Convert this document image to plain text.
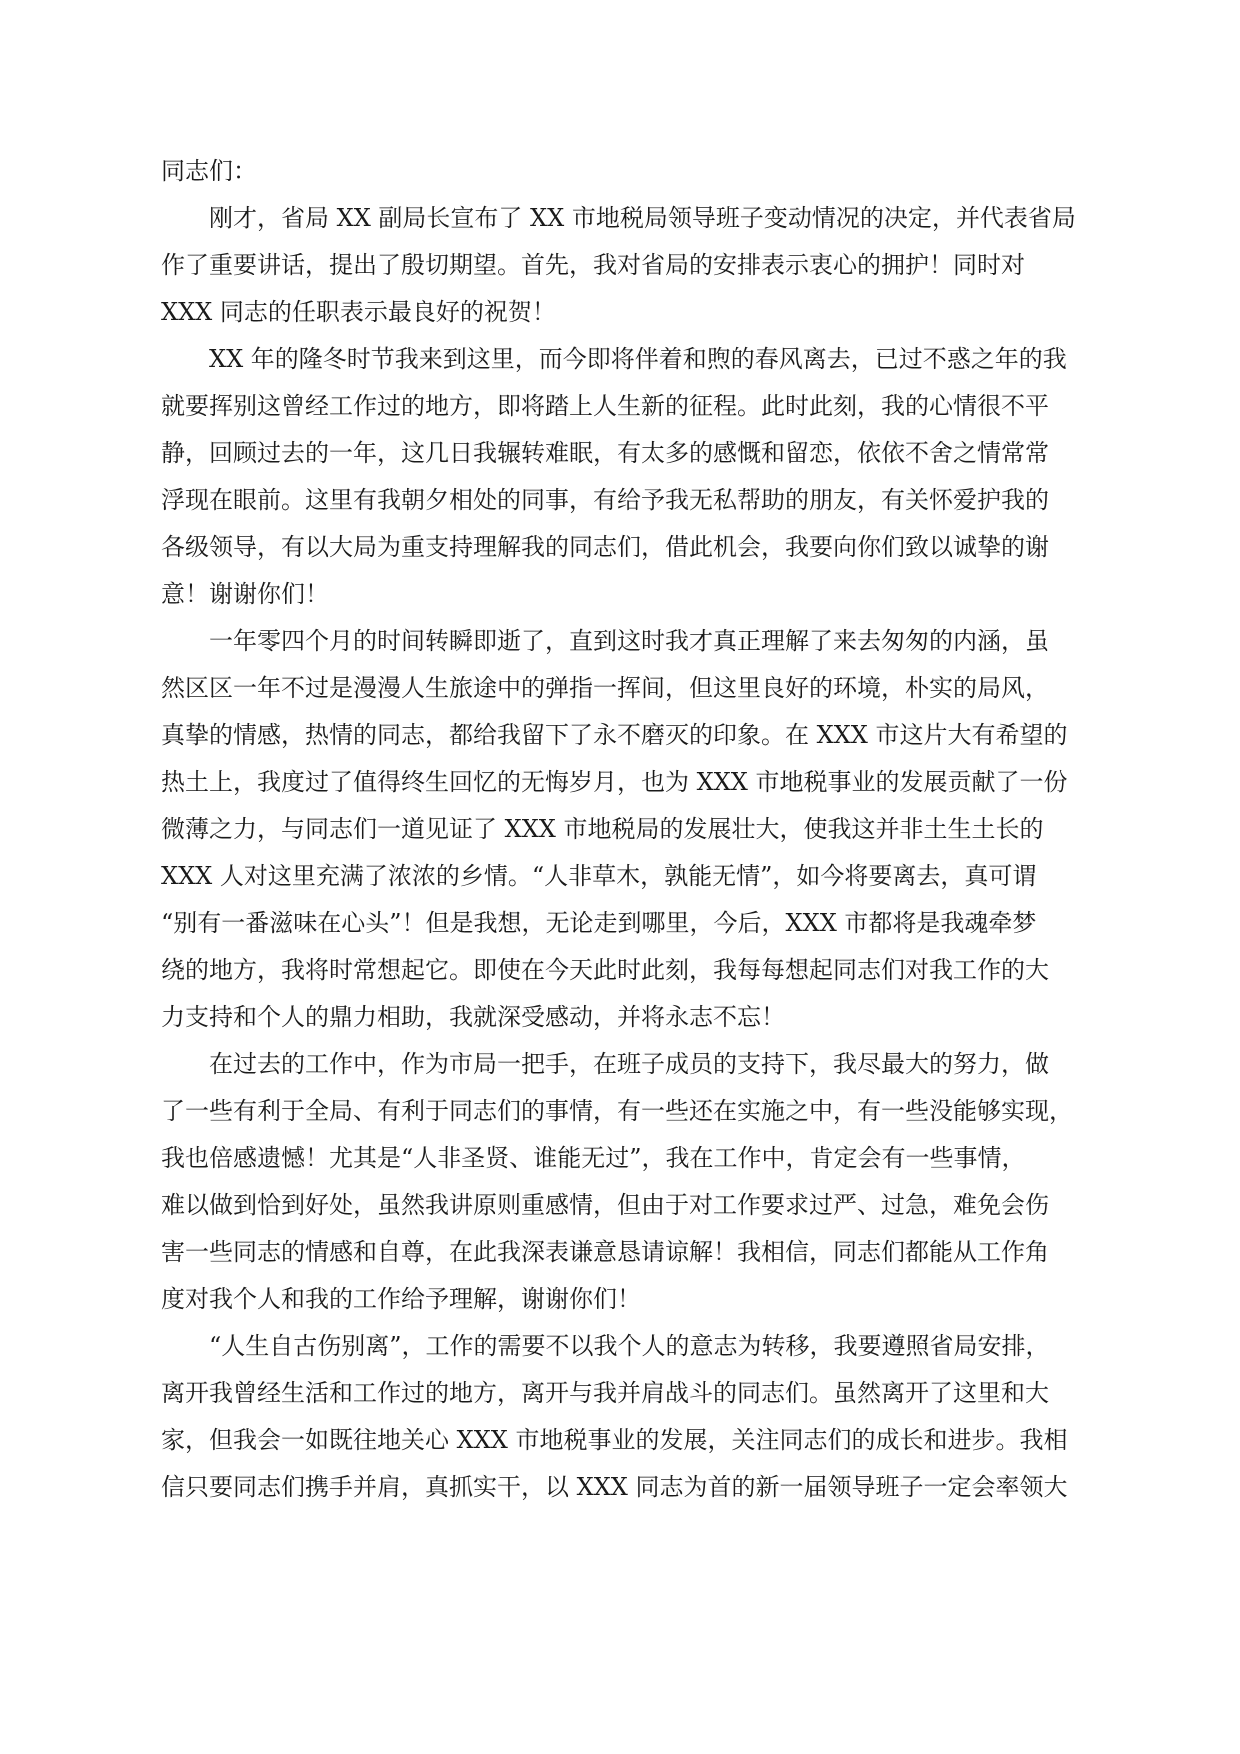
同志们：
刚才，省局 XX 副局长宣布了 XX 市地税局领导班子变动情况的决定，并代表省局
作了重要讲话，提出了殷切期望。首先，我对省局的安排表示衷心的拥护！同时对
XXX 同志的任职表示最良好的祝贺！
XX 年的隆冬时节我来到这里，而今即将伴着和煦的春风离去，已过不惑之年的我
就要挥别这曾经工作过的地方，即将踏上人生新的征程。此时此刻，我的心情很不平
静，回顾过去的一年，这几日我辗转难眠，有太多的感慨和留恋，依依不舍之情常常
浮现在眼前。这里有我朝夕相处的同事，有给予我无私帮助的朋友，有关怀爱护我的
各级领导，有以大局为重支持理解我的同志们，借此机会，我要向你们致以诚挚的谢
意！谢谢你们！
一年零四个月的时间转瞬即逝了，直到这时我才真正理解了来去匆匆的内涵，虽
然区区一年不过是漫漫人生旅途中的弹指一挥间，但这里良好的环境，朴实的局风，
真挚的情感，热情的同志，都给我留下了永不磨灭的印象。在 XXX 市这片大有希望的
热土上，我度过了值得终生回忆的无悔岁月，也为 XXX 市地税事业的发展贡献了一份
微薄之力，与同志们一道见证了 XXX 市地税局的发展壮大，使我这并非土生土长的
XXX 人对这里充满了浓浓的乡情。“人非草木，孰能无情”，如今将要离去，真可谓
“别有一番滋味在心头”！但是我想，无论走到哪里，今后，XXX 市都将是我魂牵梦
绕的地方，我将时常想起它。即使在今天此时此刻，我每每想起同志们对我工作的大
力支持和个人的鼎力相助，我就深受感动，并将永志不忘！
在过去的工作中，作为市局一把手，在班子成员的支持下，我尽最大的努力，做
了一些有利于全局、有利于同志们的事情，有一些还在实施之中，有一些没能够实现，
我也倍感遗憾！尤其是“人非圣贤、谁能无过”，我在工作中，肯定会有一些事情，
难以做到恰到好处，虽然我讲原则重感情，但由于对工作要求过严、过急，难免会伤
害一些同志的情感和自尊，在此我深表谦意恳请谅解！我相信，同志们都能从工作角
度对我个人和我的工作给予理解，谢谢你们！
“人生自古伤别离”，工作的需要不以我个人的意志为转移，我要遵照省局安排，
离开我曾经生活和工作过的地方，离开与我并肩战斗的同志们。虽然离开了这里和大
家，但我会一如既往地关心 XXX 市地税事业的发展，关注同志们的成长和进步。我相
信只要同志们携手并肩，真抓实干，以 XXX 同志为首的新一届领导班子一定会率领大
